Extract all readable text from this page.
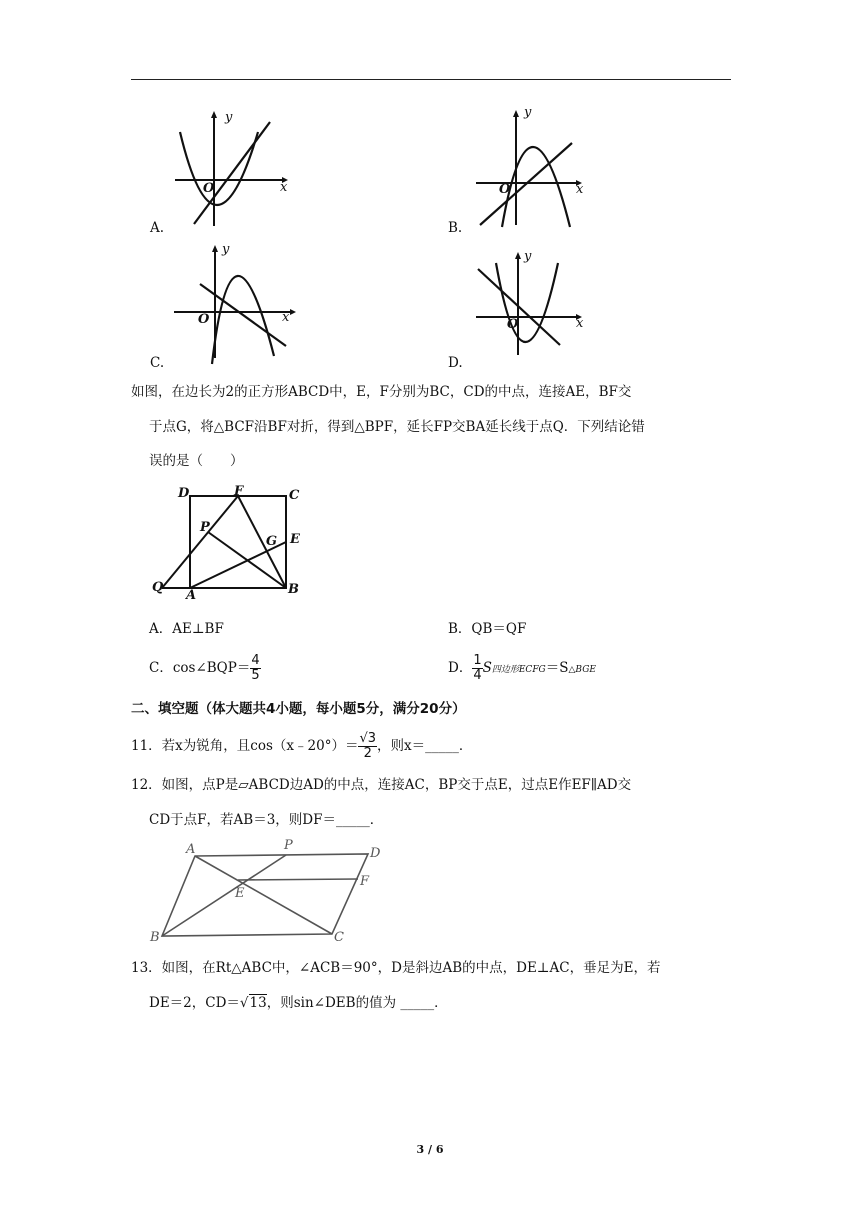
y
x
O
A.
y
x
O
B.
y
x
O
C.
y
x
O
D.
如图，在边长为2的正方形ABCD中，E，F分别为BC，CD的中点，连接AE，BF交
于点G，将△BCF沿BF对折，得到△BPF，延长FP交BA延长线于点Q．下列结论错
误的是（　　）
D	F	C
P
G E
Q
A	B
A．AE⊥BF	B．QB＝QF
C．cos∠BQP＝ $\frac{4}{5}$	D． $\frac{1}{4}$ S四边形ECFG＝S△BGE
二、填空题（体大题共4小题，每小题5分，满分20分）
11．若x为锐角，且cos（x﹣20°）＝ $\frac{√3}{2}$ ，则x＝_____．
12．如图，点P是▱ABCD边AD的中点，连接AC，BP交于点E，过点E作EF∥AD交
CD于点F，若AB＝3，则DF＝_____．
A	P
D
F
E
B	C
13．如图，在Rt△ABC中，∠ACB＝90°，D是斜边AB的中点，DE⊥AC，垂足为E，若
DE＝2，CD＝√13，则sin∠DEB的值为 _____．
3 / 6
